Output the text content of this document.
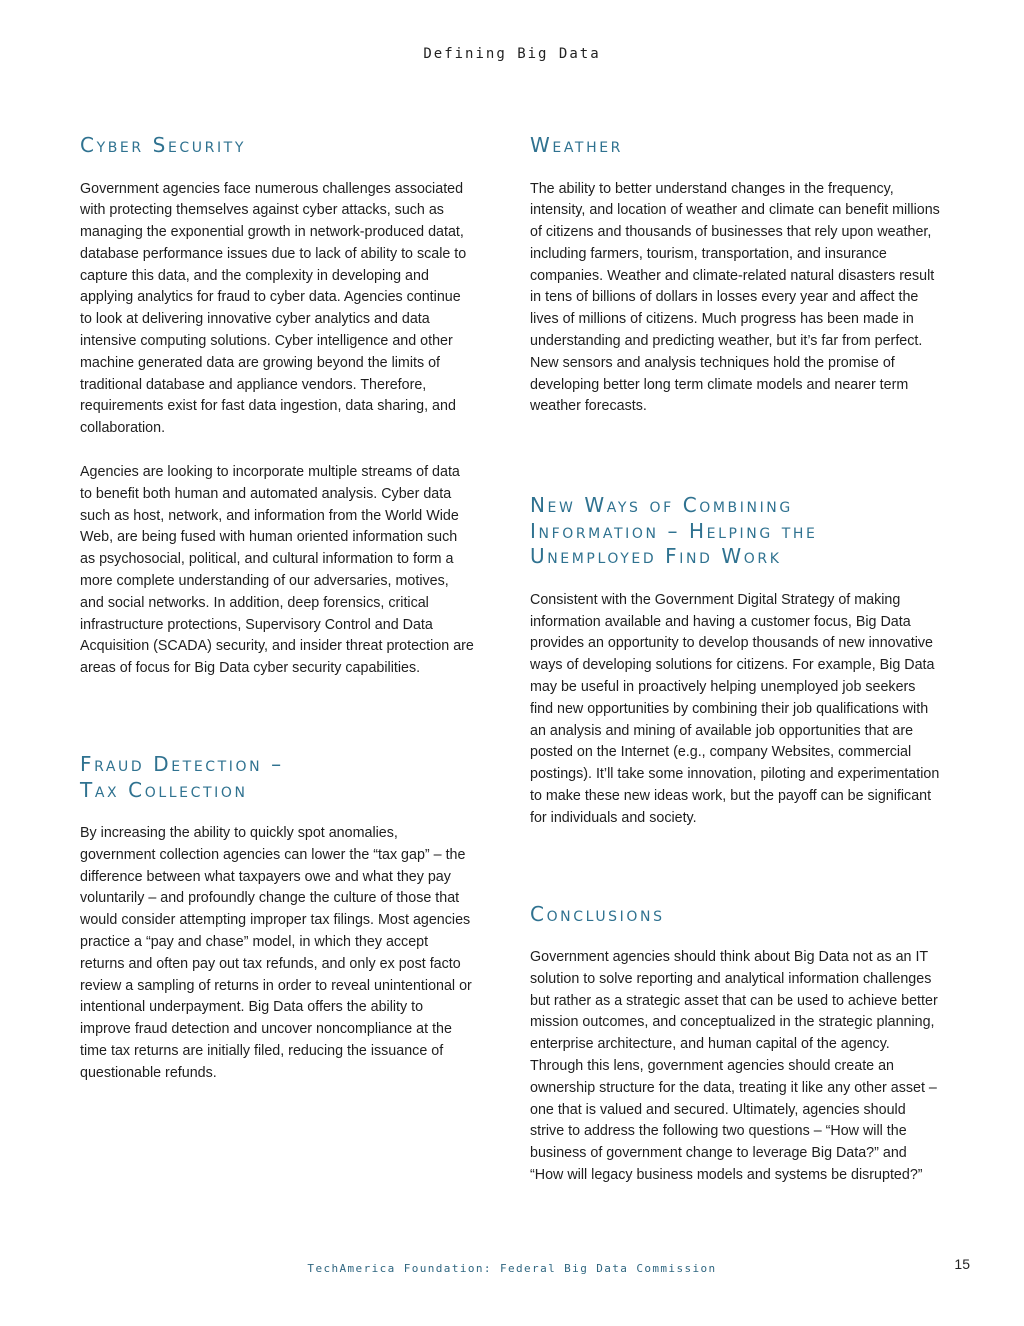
Defining Big Data
Cyber Security

Government agencies face numerous challenges associated with protecting themselves against cyber attacks, such as managing the exponential growth in network-produced datat, database performance issues due to lack of ability to scale to capture this data, and the complexity in developing and applying analytics for fraud to cyber data. Agencies continue to look at delivering innovative cyber analytics and data intensive computing solutions. Cyber intelligence and other machine generated data are growing beyond the limits of traditional database and appliance vendors. Therefore, requirements exist for fast data ingestion, data sharing, and collaboration.

Agencies are looking to incorporate multiple streams of data to benefit both human and automated analysis. Cyber data such as host, network, and information from the World Wide Web, are being fused with human oriented information such as psychosocial, political, and cultural information to form a more complete understanding of our adversaries, motives, and social networks. In addition, deep forensics, critical infrastructure protections, Supervisory Control and Data Acquisition (SCADA) security, and insider threat protection are areas of focus for Big Data cyber security capabilities.

Fraud Detection –
Tax Collection

By increasing the ability to quickly spot anomalies, government collection agencies can lower the “tax gap” – the difference between what taxpayers owe and what they pay voluntarily – and profoundly change the culture of those that would consider attempting improper tax filings. Most agencies practice a “pay and chase” model, in which they accept returns and often pay out tax refunds, and only ex post facto review a sampling of returns in order to reveal unintentional or intentional underpayment. Big Data offers the ability to improve fraud detection and uncover noncompliance at the time tax returns are initially filed, reducing the issuance of questionable refunds.

Weather

The ability to better understand changes in the frequency, intensity, and location of weather and climate can benefit millions of citizens and thousands of businesses that rely upon weather, including farmers, tourism, transportation, and insurance companies. Weather and climate-related natural disasters result in tens of billions of dollars in losses every year and affect the lives of millions of citizens. Much progress has been made in understanding and predicting weather, but it’s far from perfect. New sensors and analysis techniques hold the promise of developing better long term climate models and nearer term weather forecasts.

New Ways of Combining
Information – Helping the
Unemployed Find Work

Consistent with the Government Digital Strategy of making information available and having a customer focus, Big Data provides an opportunity to develop thousands of new innovative ways of developing solutions for citizens. For example, Big Data may be useful in proactively helping unemployed job seekers find new opportunities by combining their job qualifications with an analysis and mining of available job opportunities that are posted on the Internet (e.g., company Websites, commercial postings). It’ll take some innovation, piloting and experimentation to make these new ideas work, but the payoff can be significant for individuals and society.

Conclusions

Government agencies should think about Big Data not as an IT solution to solve reporting and analytical information challenges but rather as a strategic asset that can be used to achieve better mission outcomes, and conceptualized in the strategic planning, enterprise architecture, and human capital of the agency. Through this lens, government agencies should create an ownership structure for the data, treating it like any other asset – one that is valued and secured. Ultimately, agencies should strive to address the following two questions – “How will the business of government change to leverage Big Data?” and “How will legacy business models and systems be disrupted?”

TechAmerica Foundation: Federal Big Data Commission	15
